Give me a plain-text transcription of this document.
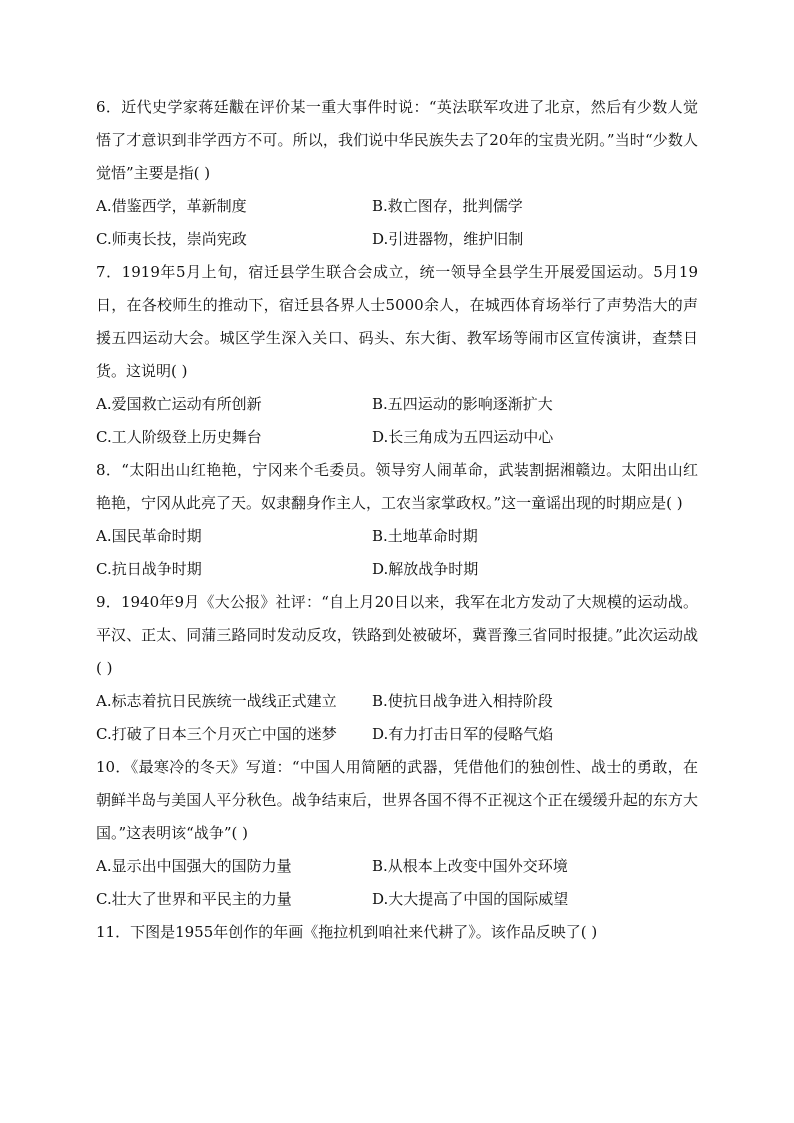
6．近代史学家蒋廷黻在评价某一重大事件时说：“英法联军攻进了北京，然后有少数人觉悟了才意识到非学西方不可。所以，我们说中华民族失去了20年的宝贵光阴。”当时“少数人觉悟”主要是指( )

A.借鉴西学，革新制度	B.救亡图存，批判儒学
C.师夷长技，崇尚宪政	D.引进器物，维护旧制

7．1919年5月上旬，宿迁县学生联合会成立，统一领导全县学生开展爱国运动。5月19日，在各校师生的推动下，宿迁县各界人士5000余人，在城西体育场举行了声势浩大的声援五四运动大会。城区学生深入关口、码头、东大街、教军场等闹市区宣传演讲，查禁日货。这说明( )

A.爱国救亡运动有所创新	B.五四运动的影响逐渐扩大
C.工人阶级登上历史舞台	D.长三角成为五四运动中心

8．“太阳出山红艳艳，宁冈来个毛委员。领导穷人闹革命，武装割据湘赣边。太阳出山红艳艳，宁冈从此亮了天。奴隶翻身作主人，工农当家掌政权。”这一童谣出现的时期应是( )

A.国民革命时期	B.土地革命时期
C.抗日战争时期	D.解放战争时期

9．1940年9月《大公报》社评：“自上月20日以来，我军在北方发动了大规模的运动战。平汉、正太、同蒲三路同时发动反攻，铁路到处被破坏，冀晋豫三省同时报捷。”此次运动战( )

A.标志着抗日民族统一战线正式建立	B.使抗日战争进入相持阶段
C.打破了日本三个月灭亡中国的迷梦	D.有力打击日军的侵略气焰

10．《最寒冷的冬天》写道：“中国人用简陋的武器，凭借他们的独创性、战士的勇敢，在朝鲜半岛与美国人平分秋色。战争结束后，世界各国不得不正视这个正在缓缓升起的东方大国。”这表明该“战争”( )

A.显示出中国强大的国防力量	B.从根本上改变中国外交环境
C.壮大了世界和平民主的力量	D.大大提高了中国的国际威望

11．下图是1955年创作的年画《拖拉机到咱社来代耕了》。该作品反映了( )
